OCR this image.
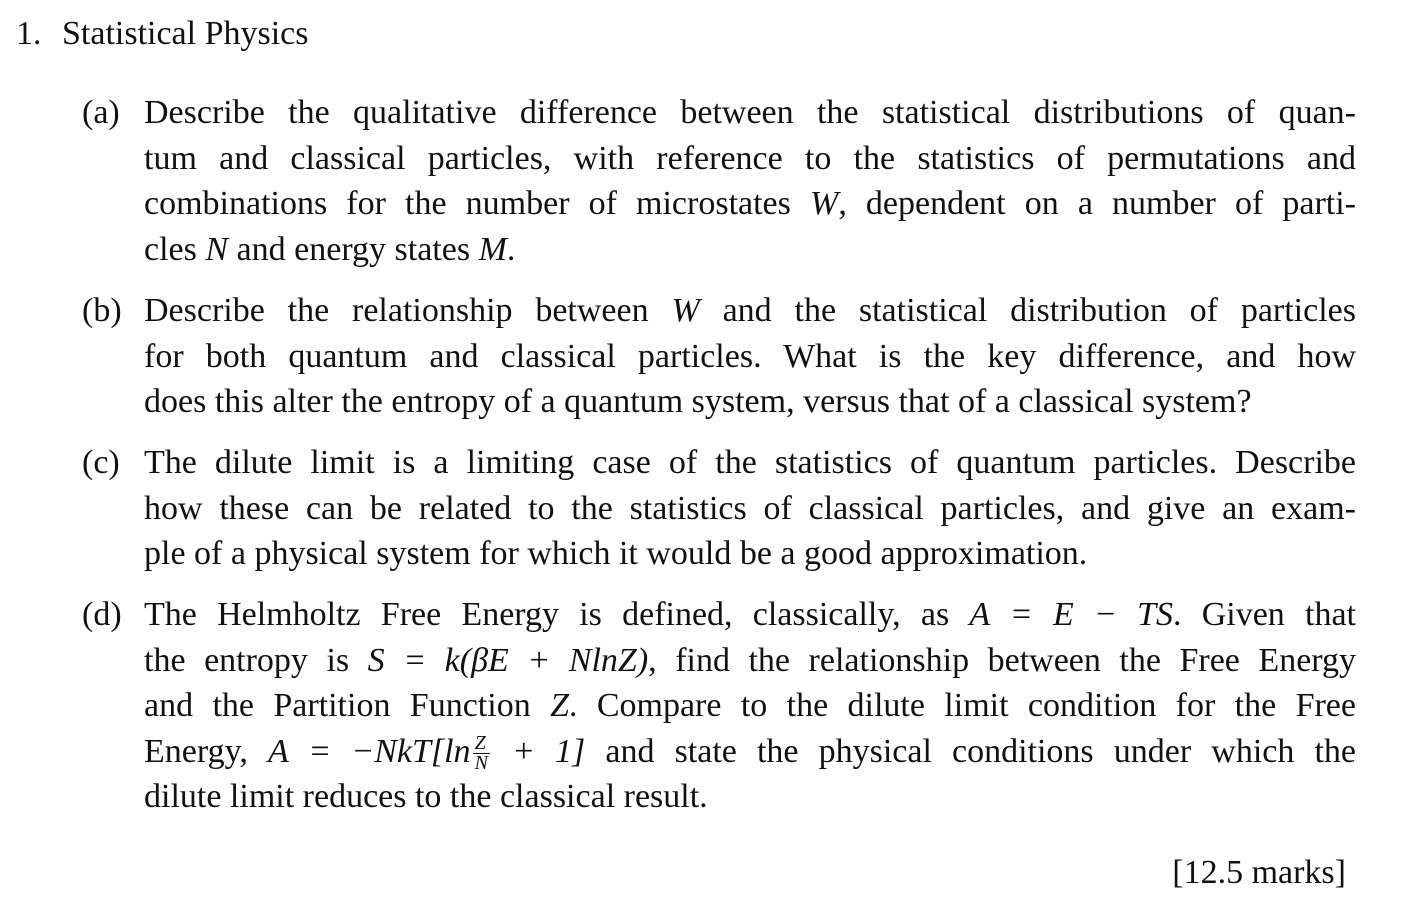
1. Statistical Physics
(a) Describe the qualitative difference between the statistical distributions of quan-
tum and classical particles, with reference to the statistics of permutations and
combinations for the number of microstates W, dependent on a number of parti-
cles N and energy states M.
(b) Describe the relationship between W and the statistical distribution of particles
for both quantum and classical particles. What is the key difference, and how
does this alter the entropy of a quantum system, versus that of a classical system?
(c) The dilute limit is a limiting case of the statistics of quantum particles. Describe
how these can be related to the statistics of classical particles, and give an exam-
ple of a physical system for which it would be a good approximation.
(d) The Helmholtz Free Energy is defined, classically, as A = E − TS. Given that
the entropy is S = k(βE + NlnZ), find the relationship between the Free Energy
and the Partition Function Z. Compare to the dilute limit condition for the Free
Energy, $A = -NkT[\ln \frac{Z}{N} + 1]$ and state the physical conditions under which the
dilute limit reduces to the classical result.
[12.5 marks]
